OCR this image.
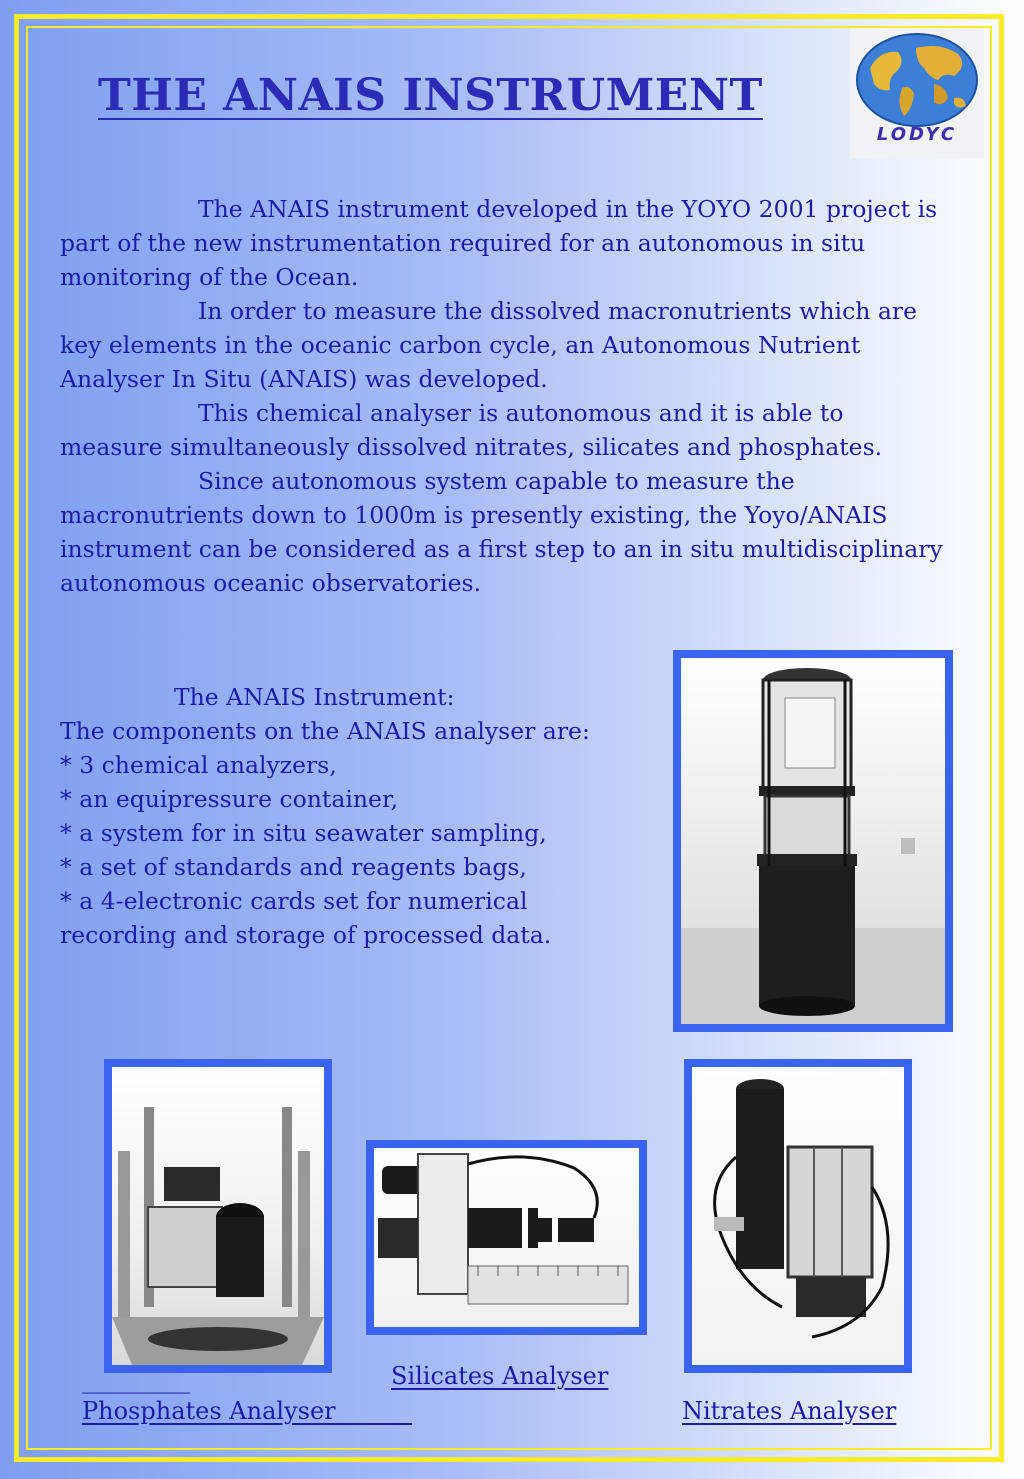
THE ANAIS INSTRUMENT
LODYC

The ANAIS instrument developed in the YOYO 2001 project is part of the new instrumentation required for an autonomous in situ monitoring of the Ocean.

In order to measure the dissolved macronutrients which are key elements in the oceanic carbon cycle, an Autonomous Nutrient Analyser In Situ (ANAIS) was developed.

This chemical analyser is autonomous and it is able to measure simultaneously dissolved nitrates, silicates and phosphates.

Since autonomous system capable to measure the macronutrients down to 1000m is presently existing, the Yoyo/ANAIS instrument can be considered as a first step to an in situ multidisciplinary autonomous oceanic observatories.

The ANAIS Instrument:
The components on the ANAIS analyser are:
* 3 chemical analyzers,
* an equipressure container,
* a system for in situ seawater sampling,
* a set of standards and reagents bags,
* a 4-electronic cards set for numerical recording and storage of processed data.
Silicates Analyser
_________
Phosphates Analyser	Nitrates Analyser
